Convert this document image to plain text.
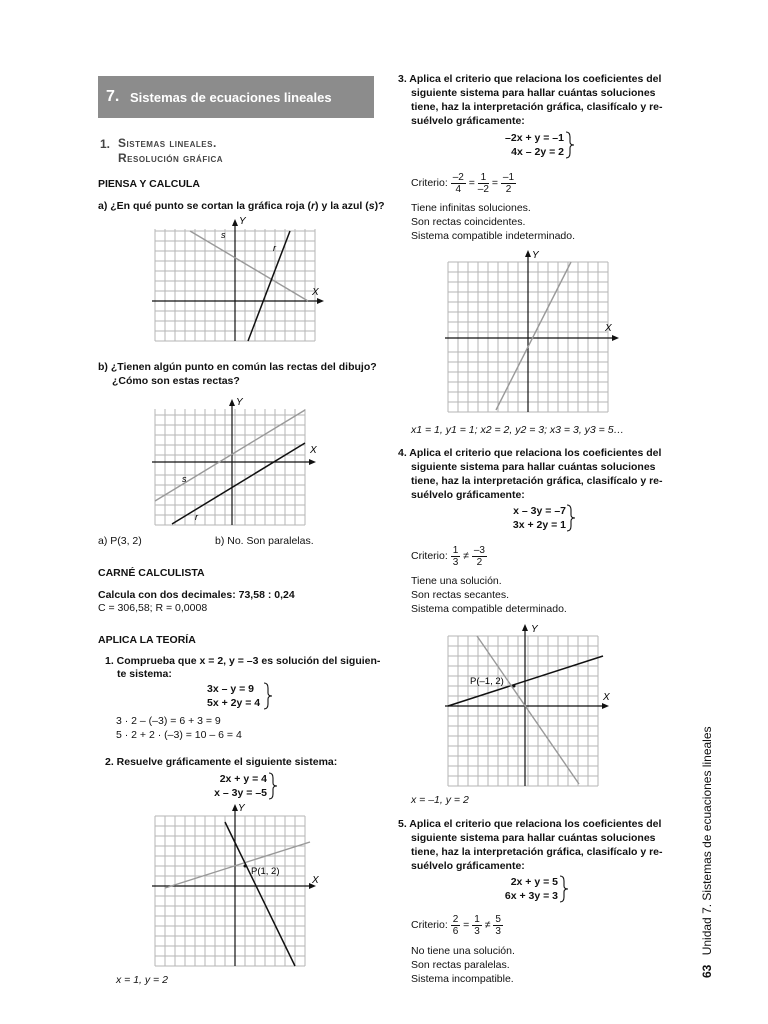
7. Sistemas de ecuaciones lineales
1. Sistemas lineales.
Resolución gráfica
PIENSA Y CALCULA
a) ¿En qué punto se cortan la gráfica roja (r) y la azul (s)?
Y
X
s
r
b) ¿Tienen algún punto en común las rectas del dibujo?
¿Cómo son estas rectas?
Y
X
s
r
a) P(3, 2)	b) No. Son paralelas.
CARNÉ CALCULISTA
Calcula con dos decimales: 73,58 : 0,24
C = 306,58; R = 0,0008
APLICA LA TEORÍA
1. Comprueba que x = 2, y = –3 es solución del siguien-
te sistema:
3x – y = 9
5x + 2y = 4
3 · 2 – (–3) = 6 + 3 = 9
5 · 2 + 2 · (–3) = 10 – 6 = 4
2. Resuelve gráficamente el siguiente sistema:
2x + y = 4
x – 3y = –5
Y
X
P(1, 2)
x = 1, y = 2
3. Aplica el criterio que relaciona los coeficientes del
siguiente sistema para hallar cuántas soluciones
tiene, haz la interpretación gráfica, clasifícalo y re-
suélvelo gráficamente:
–2x + y = –1
4x – 2y = 2
Criterio: $\frac{-2}{4} = \frac{1}{-2} = \frac{-1}{2}$
Tiene infinitas soluciones.
Son rectas coincidentes.
Sistema compatible indeterminado.
Y
X
x1 = 1, y1 = 1; x2 = 2, y2 = 3; x3 = 3, y3 = 5…
4. Aplica el criterio que relaciona los coeficientes del
siguiente sistema para hallar cuántas soluciones
tiene, haz la interpretación gráfica, clasifícalo y re-
suélvelo gráficamente:
x – 3y = –7
3x + 2y = 1
Criterio: $\frac{1}{3} \ne \frac{-3}{2}$
Tiene una solución.
Son rectas secantes.
Sistema compatible determinado.
Y
X
P(–1, 2)
x = –1, y = 2
5. Aplica el criterio que relaciona los coeficientes del
siguiente sistema para hallar cuántas soluciones
tiene, haz la interpretación gráfica, clasifícalo y re-
suélvelo gráficamente:
2x + y = 5
6x + 3y = 3
Criterio: $\frac{2}{6} = \frac{1}{3} \ne \frac{5}{3}$
No tiene una solución.
Son rectas paralelas.
Sistema incompatible.
63 Unidad 7. Sistemas de ecuaciones lineales
